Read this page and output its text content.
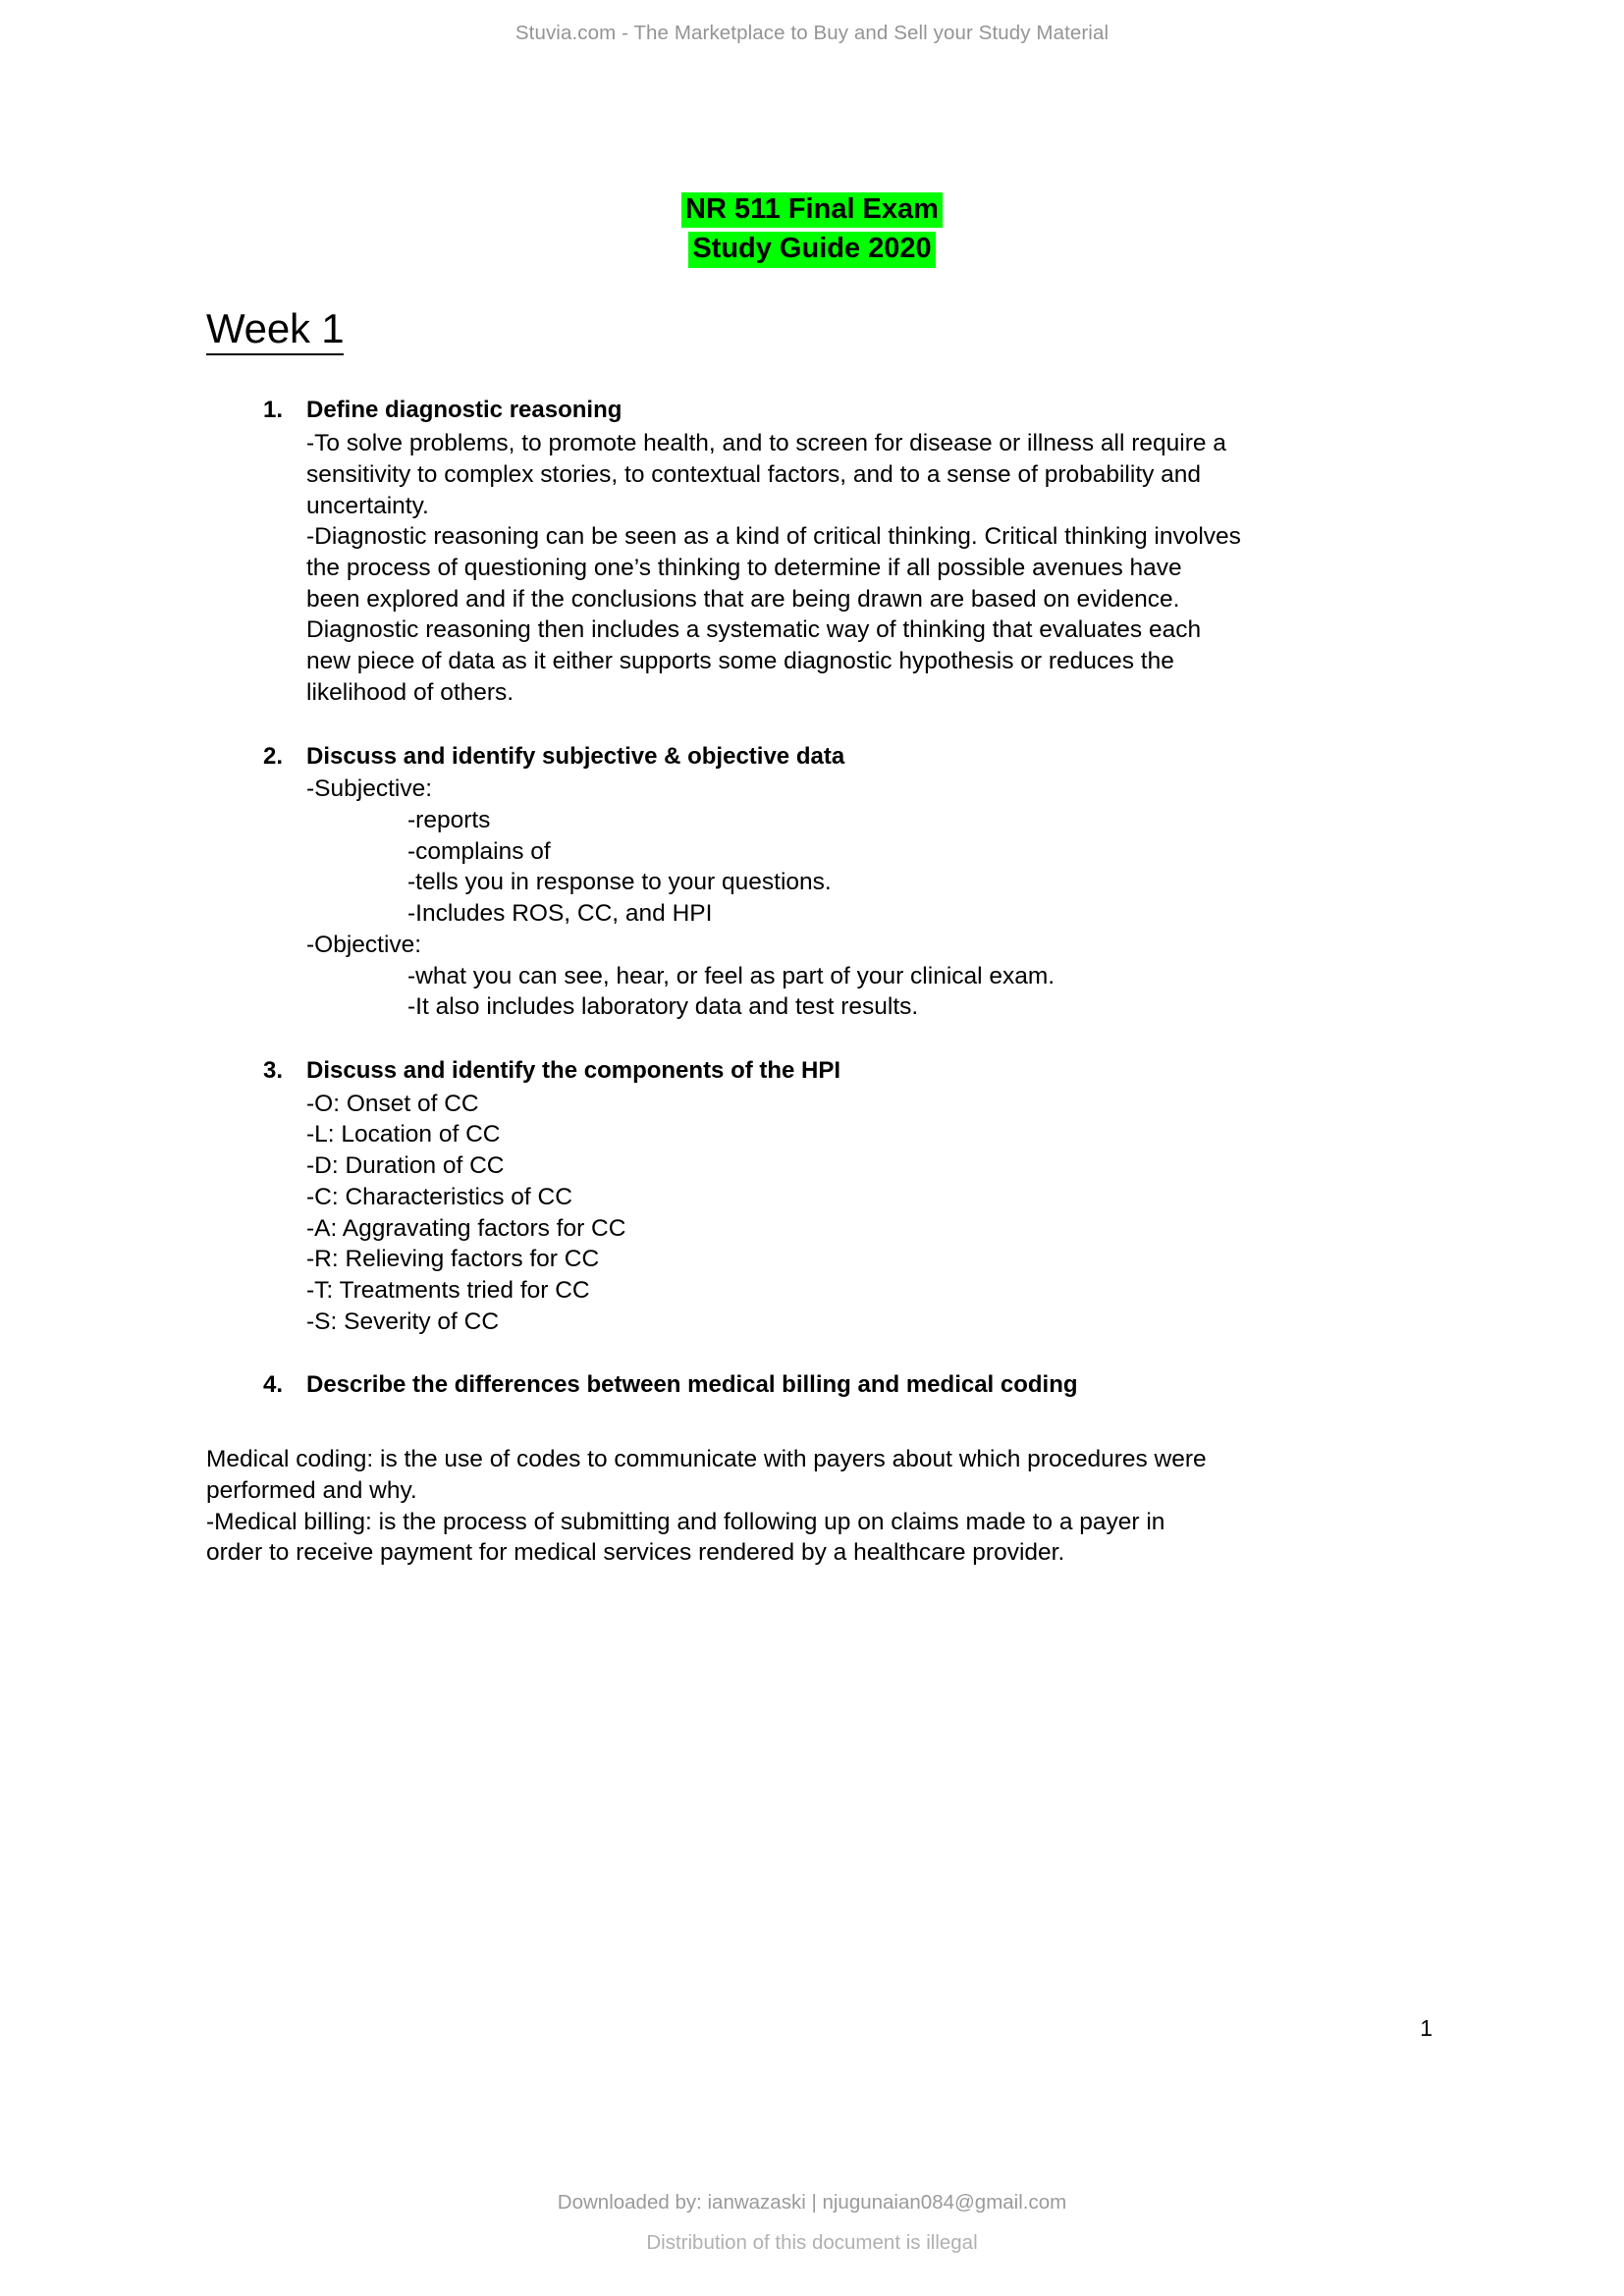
Stuvia.com - The Marketplace to Buy and Sell your Study Material
NR 511 Final Exam
Study Guide 2020
Week 1
1. Define diagnostic reasoning

-To solve problems, to promote health, and to screen for disease or illness all require a

sensitivity to complex stories, to contextual factors, and to a sense of probability and

uncertainty.

-Diagnostic reasoning can be seen as a kind of critical thinking. Critical thinking involves

the process of questioning one’s thinking to determine if all possible avenues have

been explored and if the conclusions that are being drawn are based on evidence.

Diagnostic reasoning then includes a systematic way of thinking that evaluates each

new piece of data as it either supports some diagnostic hypothesis or reduces the

likelihood of others.

2. Discuss and identify subjective & objective data

-Subjective:

-reports

-complains of

-tells you in response to your questions.

-Includes ROS, CC, and HPI

-Objective:

-what you can see, hear, or feel as part of your clinical exam.

-It also includes laboratory data and test results.

3. Discuss and identify the components of the HPI

-O: Onset of CC

-L: Location of CC

-D: Duration of CC

-C: Characteristics of CC

-A: Aggravating factors for CC

-R: Relieving factors for CC

-T: Treatments tried for CC

-S: Severity of CC

4. Describe the differences between medical billing and medical coding

Medical coding: is the use of codes to communicate with payers about which procedures were

performed and why.

-Medical billing: is the process of submitting and following up on claims made to a payer in

order to receive payment for medical services rendered by a healthcare provider.

1
Downloaded by: ianwazaski | njugunaian084@gmail.com
Distribution of this document is illegal
